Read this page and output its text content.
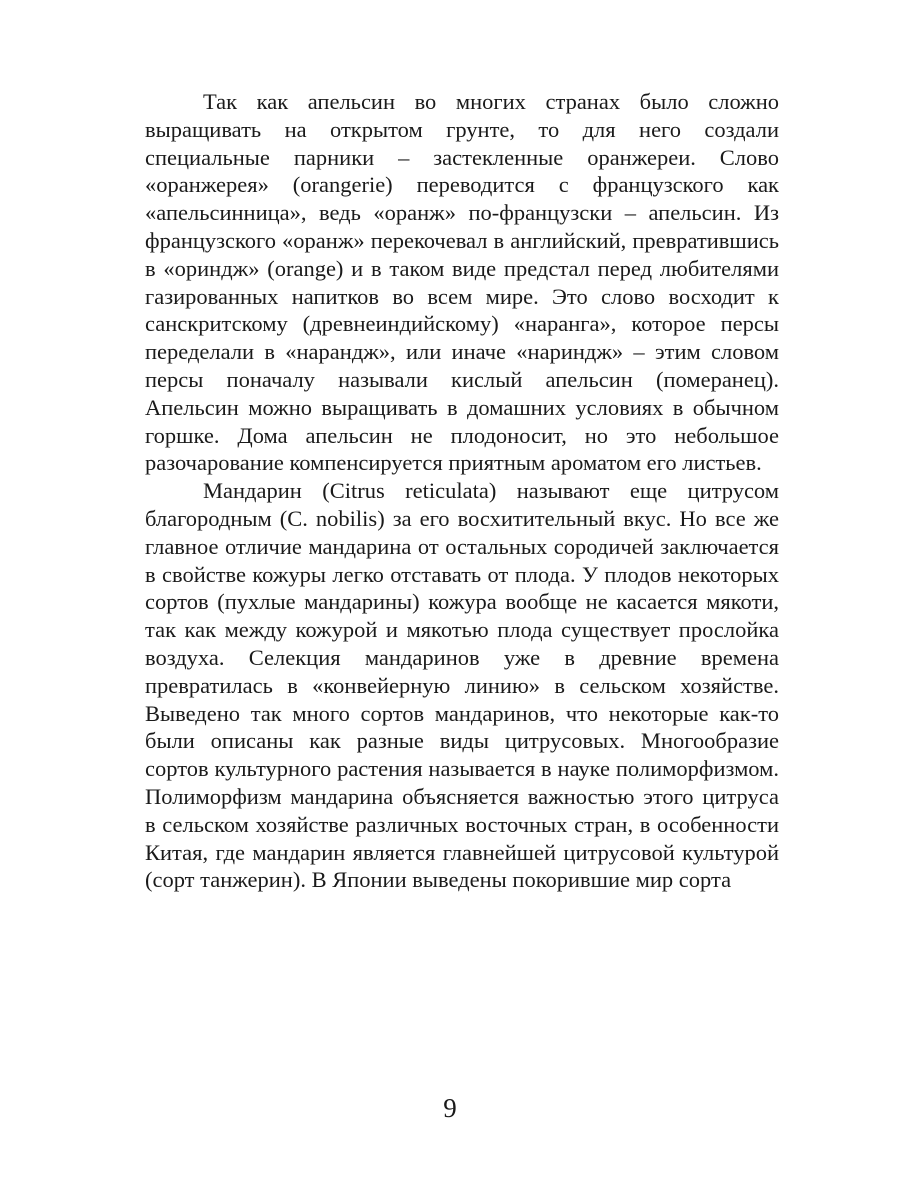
Так как апельсин во многих странах было сложно выращивать на открытом грунте, то для него создали специальные парники – застекленные оранжереи. Слово «оранжерея» (orangerie) переводится с французского как «апельсинница», ведь «оранж» по-французски – апельсин. Из французского «оранж» перекочевал в английский, превратившись в «ориндж» (orange) и в таком виде предстал перед любителями газированных напитков во всем мире. Это слово восходит к санскритскому (древнеиндийскому) «наранга», которое персы переделали в «нарандж», или иначе «нариндж» – этим словом персы поначалу называли кислый апельсин (померанец). Апельсин можно выращивать в домашних условиях в обычном горшке. Дома апельсин не плодоносит, но это небольшое разочарование компенсируется приятным ароматом его листьев.

Мандарин (Citrus reticulata) называют еще цитрусом благородным (C. nobilis) за его восхитительный вкус. Но все же главное отличие мандарина от остальных сородичей заключается в свойстве кожуры легко отставать от плода. У плодов некоторых сортов (пухлые мандарины) кожура вообще не касается мякоти, так как между кожурой и мякотью плода существует прослойка воздуха. Селекция мандаринов уже в древние времена превратилась в «конвейерную линию» в сельском хозяйстве. Выведено так много сортов мандаринов, что некоторые как-то были описаны как разные виды цитрусовых. Многообразие сортов культурного растения называется в науке полиморфизмом. Полиморфизм мандарина объясняется важностью этого цитруса в сельском хозяйстве различных восточных стран, в особенности Китая, где мандарин является главнейшей цитрусовой культурой (сорт танжерин). В Японии выведены покорившие мир сорта

9
